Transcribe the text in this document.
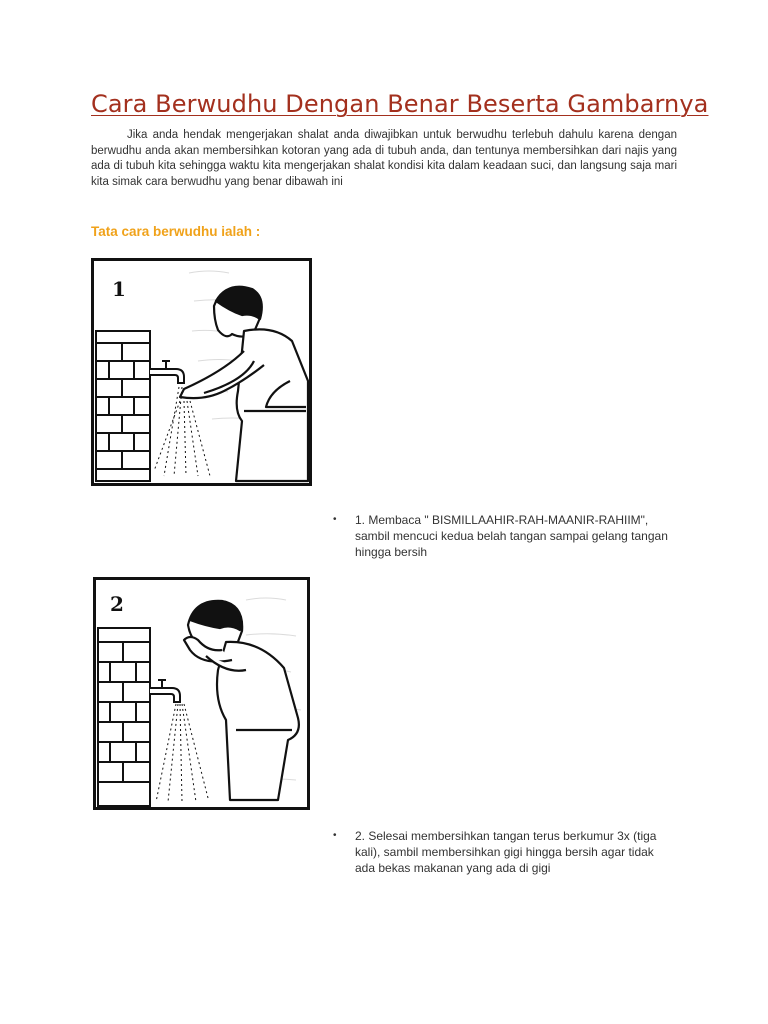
Cara Berwudhu Dengan Benar Beserta Gambarnya

Jika anda hendak mengerjakan shalat anda diwajibkan untuk berwudhu terlebuh dahulu karena dengan berwudhu anda akan membersihkan kotoran yang ada di tubuh anda, dan tentunya membersihkan dari najis yang ada di tubuh kita sehingga waktu kita mengerjakan shalat kondisi kita dalam keadaan suci, dan langsung saja mari kita simak cara berwudhu yang benar dibawah ini

Tata cara berwudhu ialah :

1
•	1. Membaca " BISMILLAAHIR-RAH-MAANIR-RAHIIM", sambil mencuci kedua belah tangan sampai gelang tangan hingga bersih
2
•	2. Selesai membersihkan tangan terus berkumur 3x (tiga kali), sambil membersihkan gigi hingga bersih agar tidak ada bekas makanan yang ada di gigi
